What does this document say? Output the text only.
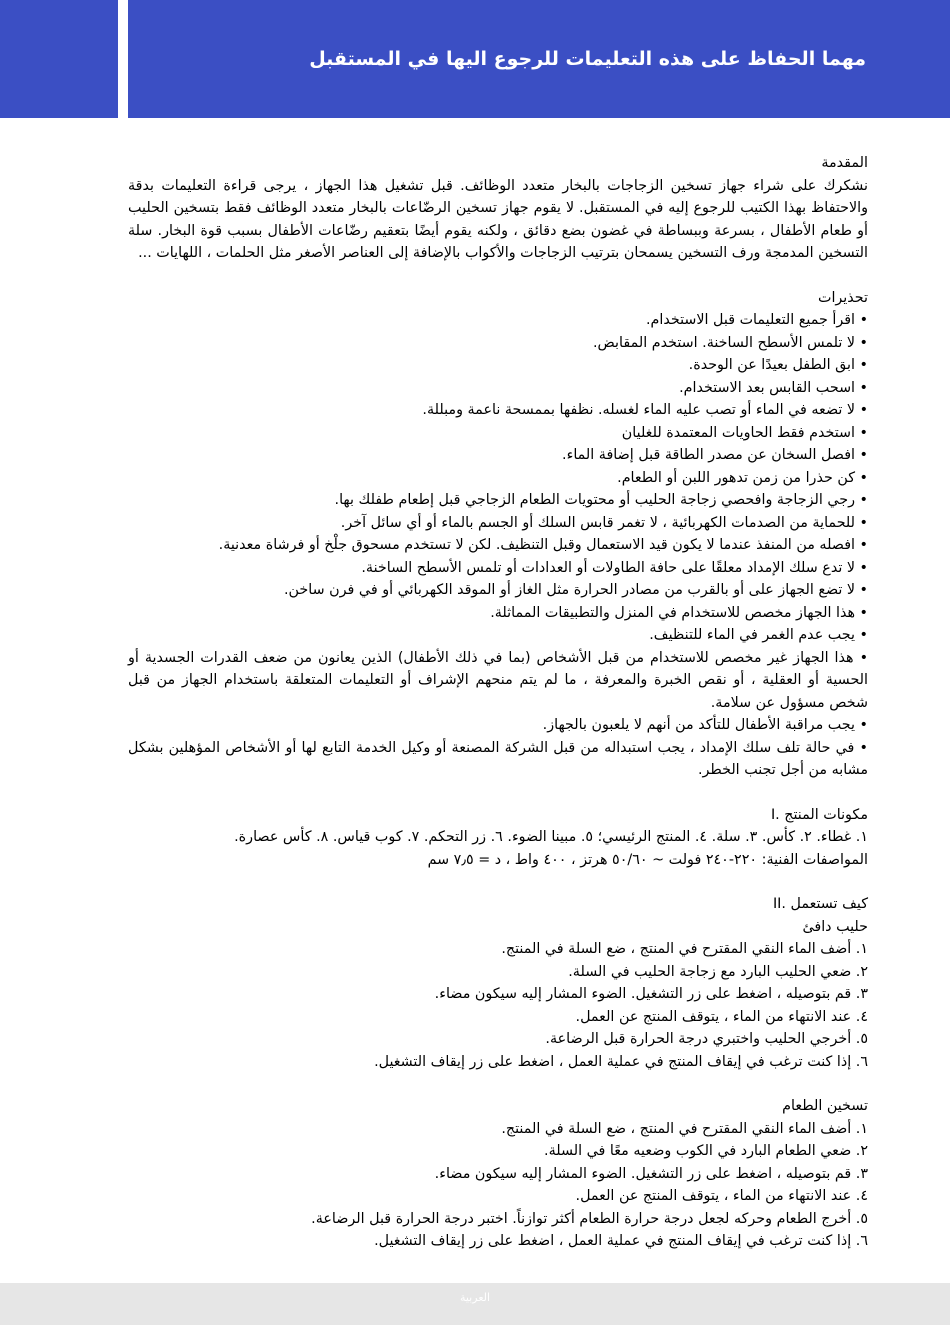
مهما الحفاظ على هذه التعليمات للرجوع اليها في المستقبل
المقدمة

نشكرك على شراء جهاز تسخين الزجاجات بالبخار متعدد الوظائف. قبل تشغيل هذا الجهاز ، يرجى قراءة التعليمات بدقة والاحتفاظ بهذا الكتيب للرجوع إليه في المستقبل. لا يقوم جهاز تسخين الرضّاعات بالبخار متعدد الوظائف فقط بتسخين الحليب أو طعام الأطفال ، بسرعة وببساطة في غضون بضع دقائق ، ولكنه يقوم أيضًا بتعقيم رضّاعات الأطفال بسبب قوة البخار. سلة التسخين المدمجة ورف التسخين يسمحان بترتيب الزجاجات والأكواب بالإضافة إلى العناصر الأصغر مثل الحلمات ، اللهايات ...

تحذيرات
• اقرأ جميع التعليمات قبل الاستخدام.
• لا تلمس الأسطح الساخنة. استخدم المقابض.
• ابق الطفل بعيدًا عن الوحدة.
• اسحب القابس بعد الاستخدام.
• لا تضعه في الماء أو تصب عليه الماء لغسله. نظفها بممسحة ناعمة ومبللة.
• استخدم فقط الحاويات المعتمدة للغليان
• افصل السخان عن مصدر الطاقة قبل إضافة الماء.
• كن حذرا من زمن تدهور اللبن أو الطعام.
• رجي الزجاجة وافحصي زجاجة الحليب أو محتويات الطعام الزجاجي قبل إطعام طفلك بها.
• للحماية من الصدمات الكهربائية ، لا تغمر قابس السلك أو الجسم بالماء أو أي سائل آخر.
• افصله من المنفذ عندما لا يكون قيد الاستعمال وقبل التنظيف. لكن لا تستخدم مسحوق جلْخ أو فرشاة معدنية.
• لا تدع سلك الإمداد معلقًا على حافة الطاولات أو العدادات أو تلمس الأسطح الساخنة.
• لا تضع الجهاز على أو بالقرب من مصادر الحرارة مثل الغاز أو الموقد الكهربائي أو في فرن ساخن.
• هذا الجهاز مخصص للاستخدام في المنزل والتطبيقات المماثلة.
• يجب عدم الغمر في الماء للتنظيف.
• هذا الجهاز غير مخصص للاستخدام من قبل الأشخاص (بما في ذلك الأطفال) الذين يعانون من ضعف القدرات الجسدية أو الحسية أو العقلية ، أو نقص الخبرة والمعرفة ، ما لم يتم منحهم الإشراف أو التعليمات المتعلقة باستخدام الجهاز من قبل شخص مسؤول عن سلامة.
• يجب مراقبة الأطفال للتأكد من أنهم لا يلعبون بالجهاز.
• في حالة تلف سلك الإمداد ، يجب استبداله من قبل الشركة المصنعة أو وكيل الخدمة التابع لها أو الأشخاص المؤهلين بشكل مشابه من أجل تجنب الخطر.
مكونات المنتج .I
١. غطاء. ٢. كأس. ٣. سلة. ٤. المنتج الرئيسي؛ ٥. مبينا الضوء. ٦. زر التحكم. ٧. كوب قياس. ٨. كأس عصارة.
المواصفات الفنية: ٢٢٠-٢٤٠ فولت ~ ٥٠/٦٠ هرتز ، ٤٠٠ واط ، د = ٧٫٥ سم
كيف تستعمل .II
حليب دافئ
١. أضف الماء النقي المقترح في المنتج ، ضع السلة في المنتج.
٢. ضعي الحليب البارد مع زجاجة الحليب في السلة.
٣. قم بتوصيله ، اضغط على زر التشغيل. الضوء المشار إليه سيكون مضاء.
٤. عند الانتهاء من الماء ، يتوقف المنتج عن العمل.
٥. أخرجي الحليب واختبري درجة الحرارة قبل الرضاعة.
٦. إذا كنت ترغب في إيقاف المنتج في عملية العمل ، اضغط على زر إيقاف التشغيل.
تسخين الطعام
١. أضف الماء النقي المقترح في المنتج ، ضع السلة في المنتج.
٢. ضعي الطعام البارد في الكوب وضعيه معًا في السلة.
٣. قم بتوصيله ، اضغط على زر التشغيل. الضوء المشار إليه سيكون مضاء.
٤. عند الانتهاء من الماء ، يتوقف المنتج عن العمل.
٥. أخرج الطعام وحركه لجعل درجة حرارة الطعام أكثر توازناً. اختبر درجة الحرارة قبل الرضاعة.
٦. إذا كنت ترغب في إيقاف المنتج في عملية العمل ، اضغط على زر إيقاف التشغيل.
العربية
